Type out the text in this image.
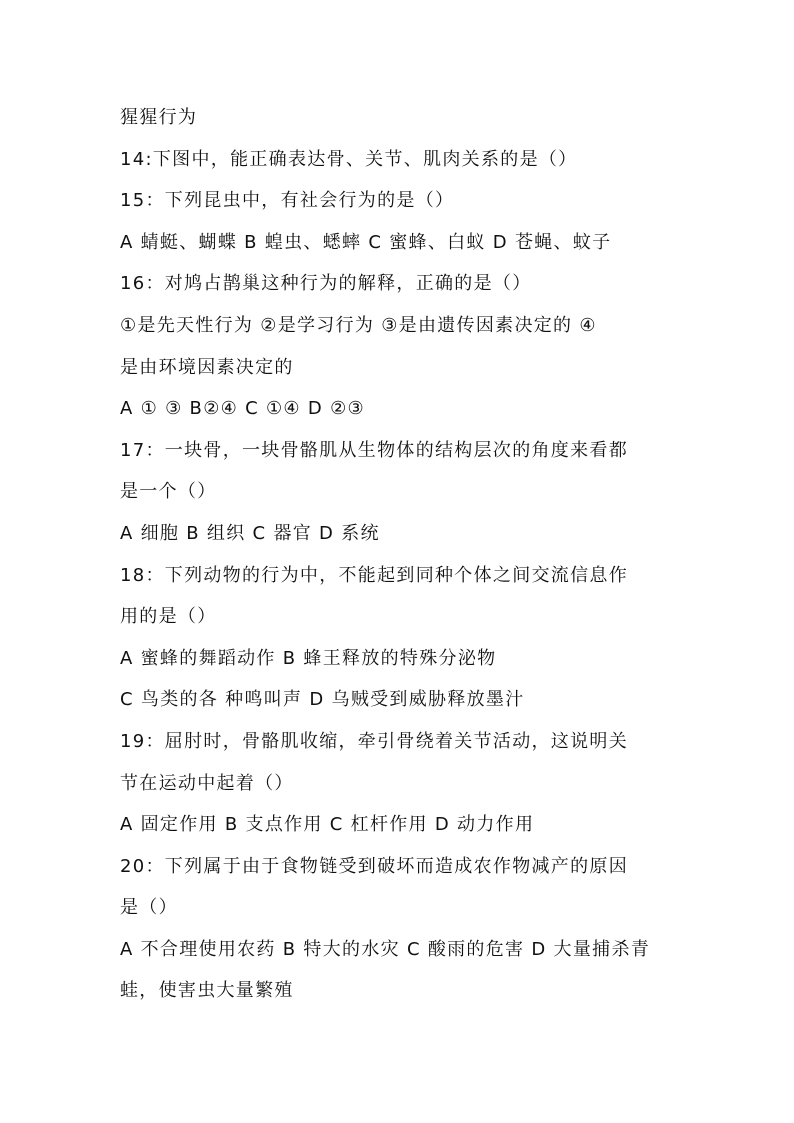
猩猩行为
14:下图中，能正确表达骨、关节、肌肉关系的是（）
15：下列昆虫中，有社会行为的是（）
A 蜻蜓、蝴蝶 B 蝗虫、蟋蟀 C 蜜蜂、白蚁 D 苍蝇、蚊子
16：对鸠占鹊巢这种行为的解释，正确的是（）
①是先天性行为 ②是学习行为 ③是由遗传因素决定的 ④
是由环境因素决定的
A ① ③ B②④ C ①④ D ②③
17：一块骨，一块骨骼肌从生物体的结构层次的角度来看都
是一个（）
A 细胞 B 组织 C 器官 D 系统
18：下列动物的行为中，不能起到同种个体之间交流信息作
用的是（）
A 蜜蜂的舞蹈动作 B 蜂王释放的特殊分泌物
C 鸟类的各 种鸣叫声 D 乌贼受到威胁释放墨汁
19：屈肘时，骨骼肌收缩，牵引骨绕着关节活动，这说明关
节在运动中起着（）
A 固定作用 B 支点作用 C 杠杆作用 D 动力作用
20：下列属于由于食物链受到破坏而造成农作物减产的原因
是（）
A 不合理使用农药 B 特大的水灾 C 酸雨的危害 D 大量捕杀青
蛙，使害虫大量繁殖
